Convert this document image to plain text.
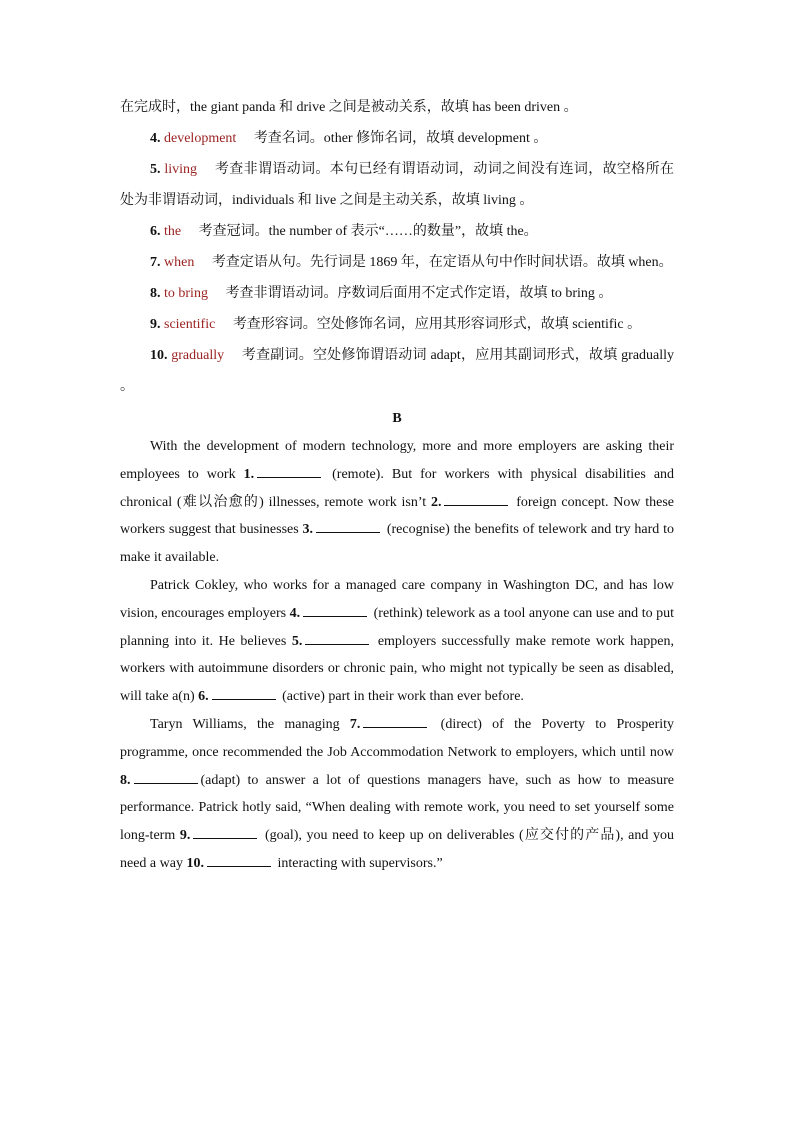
在完成时，the giant panda 和 drive 之间是被动关系，故填 has been driven 。

4. development 考查名词。other 修饰名词，故填 development 。

5. living 考查非谓语动词。本句已经有谓语动词，动词之间没有连词，故空格所在处为非谓语动词，individuals 和 live 之间是主动关系，故填 living 。

6. the 考查冠词。the number of 表示“……的数量”，故填 the。

7. when 考查定语从句。先行词是 1869 年，在定语从句中作时间状语。故填 when。

8. to bring 考查非谓语动词。序数词后面用不定式作定语，故填 to bring 。

9. scientific 考查形容词。空处修饰名词，应用其形容词形式，故填 scientific 。

10. gradually 考查副词。空处修饰谓语动词 adapt，应用其副词形式，故填 gradually 。

B

With the development of modern technology, more and more employers are asking their employees to work 1.	(remote). But for workers with physical disabilities and chronical (难以治愈的) illnesses, remote work isn’t 2.	foreign concept. Now these workers suggest that businesses 3.	(recognise) the benefits of telework and try hard to make it available.

Patrick Cokley, who works for a managed care company in Washington DC, and has low vision, encourages employers 4.	(rethink) telework as a tool anyone can use and to put planning into it. He believes 5.	employers successfully make remote work happen, workers with autoimmune disorders or chronic pain, who might not typically be seen as disabled, will take a(n) 6.	(active) part in their work than ever before.

Taryn Williams, the managing 7.	(direct) of the Poverty to Prosperity programme, once recommended the Job Accommodation Network to employers, which until now 8.	(adapt) to answer a lot of questions managers have, such as how to measure performance. Patrick hotly said, “When dealing with remote work, you need to set yourself some long-term 9.	(goal), you need to keep up on deliverables (应交付的产品), and you need a way 10.	interacting with supervisors.”
